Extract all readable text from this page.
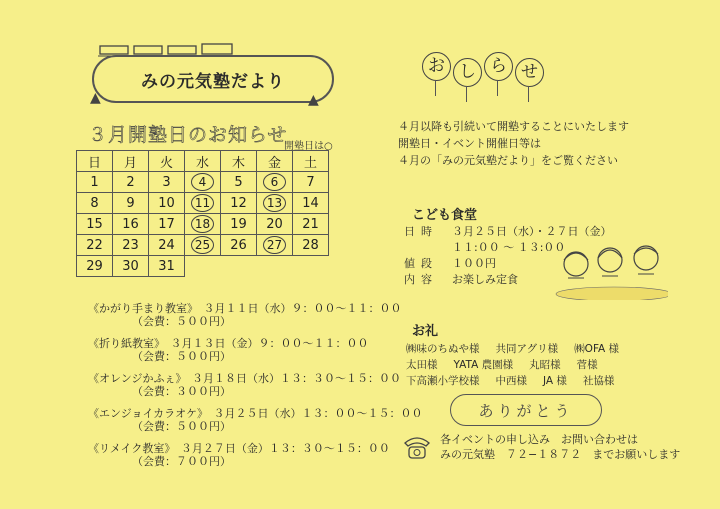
みの元気塾だより
▲	▲
３月開塾日のお知らせ
開塾日は○
日	月	火	水	木	金	土
1	2	3	4	5	6	7
8	9	10	11	12	13	14
15	16	17	18	19	20	21
22	23	24	25	26	27	28
29	30	31				
《かがり手まり教室》　 ３月１１日（水）９：００〜１１：００
（会費：５００円）
《折り紙教室》　 ３月１３日（金）９：００〜１１：００
（会費：５００円）
《オレンジかふぇ》　 ３月１８日（水）１３：３０〜１５：００
（会費：３００円）
《エンジョイカラオケ》　 ３月２５日（水）１３：００〜１５：００
（会費：５００円）
《リメイク教室》　 ３月２７日（金）１３：３０〜１５：００
（会費：７００円）
お し ら せ
４月以降も引続いて開塾することにいたします
開塾日・イベント開催日等は
４月の「みの元気塾だより」をご覧ください
こども食堂
日時	３月２５日（水）・２７日（金）
１１:００ 〜 １３:００
値段	１００円
内容	お楽しみ定食
お礼
㈱味のちぬや様 共同アグリ様 ㈱OFA 様
太田様 YATA 農園様 丸昭様 菅様
下高瀬小学校様 中西様 JA 様 社協様
ありがとう
各イベントの申し込み　お問い合わせは
みの元気塾　７２−１８７２　までお願いします
